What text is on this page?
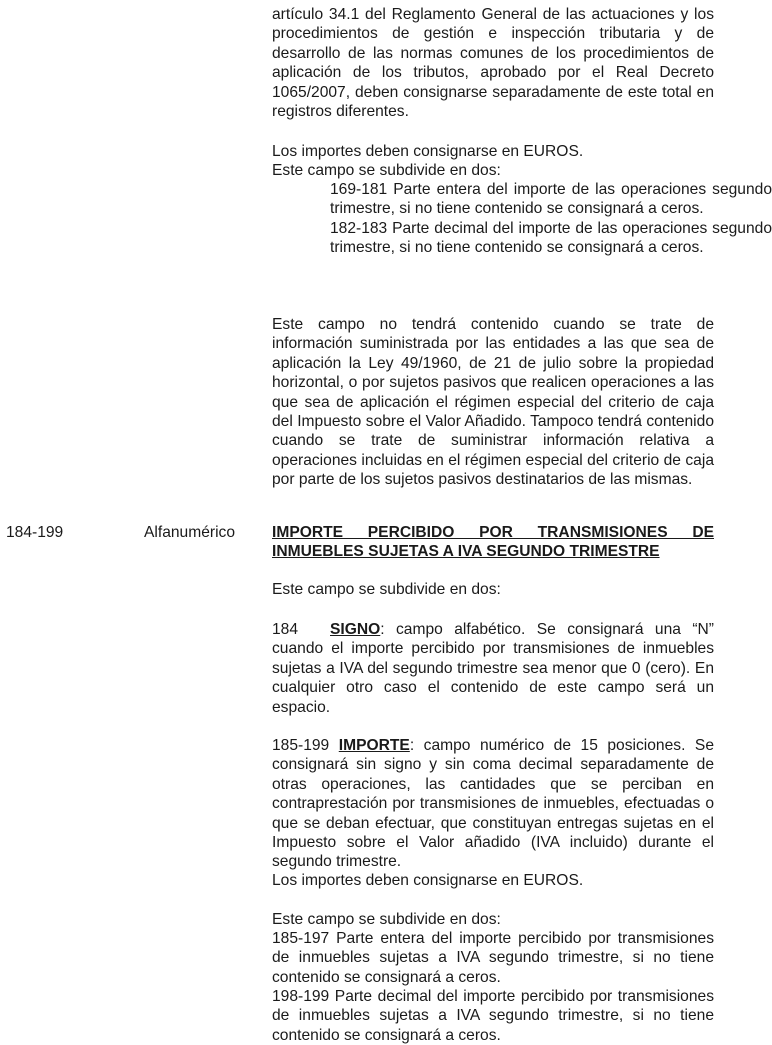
artículo 34.1 del Reglamento General de las actuaciones y los procedimientos de gestión e inspección tributaria y de desarrollo de las normas comunes de los procedimientos de aplicación de los tributos, aprobado por el Real Decreto 1065/2007, deben consignarse separadamente de este total en registros diferentes.

Los importes deben consignarse en EUROS.

Este campo se subdivide en dos:

169-181 Parte entera del importe de las operaciones segundo trimestre, si no tiene contenido se consignará a ceros.

182-183 Parte decimal del importe de las operaciones segundo trimestre, si no tiene contenido se consignará a ceros.

Este campo no tendrá contenido cuando se trate de información suministrada por las entidades a las que sea de aplicación la Ley 49/1960, de 21 de julio sobre la propiedad horizontal, o por sujetos pasivos que realicen operaciones a las que sea de aplicación el régimen especial del criterio de caja del Impuesto sobre el Valor Añadido. Tampoco tendrá contenido cuando se trate de suministrar información relativa a operaciones incluidas en el régimen especial del criterio de caja por parte de los sujetos pasivos destinatarios de las mismas.

184-199	Alfanumérico IMPORTE PERCIBIDO POR TRANSMISIONES DE
INMUEBLES SUJETAS A IVA SEGUNDO TRIMESTRE

Este campo se subdivide en dos:

184 SIGNO: campo alfabético. Se consignará una “N” cuando el importe percibido por transmisiones de inmuebles sujetas a IVA del segundo trimestre sea menor que 0 (cero). En cualquier otro caso el contenido de este campo será un espacio.

185-199 IMPORTE: campo numérico de 15 posiciones. Se consignará sin signo y sin coma decimal separadamente de otras operaciones, las cantidades que se perciban en contraprestación por transmisiones de inmuebles, efectuadas o que se deban efectuar, que constituyan entregas sujetas en el Impuesto sobre el Valor añadido (IVA incluido) durante el segundo trimestre.

Los importes deben consignarse en EUROS.

Este campo se subdivide en dos:

185-197 Parte entera del importe percibido por transmisiones de inmuebles sujetas a IVA segundo trimestre, si no tiene contenido se consignará a ceros.

198-199 Parte decimal del importe percibido por transmisiones de inmuebles sujetas a IVA segundo trimestre, si no tiene contenido se consignará a ceros.
